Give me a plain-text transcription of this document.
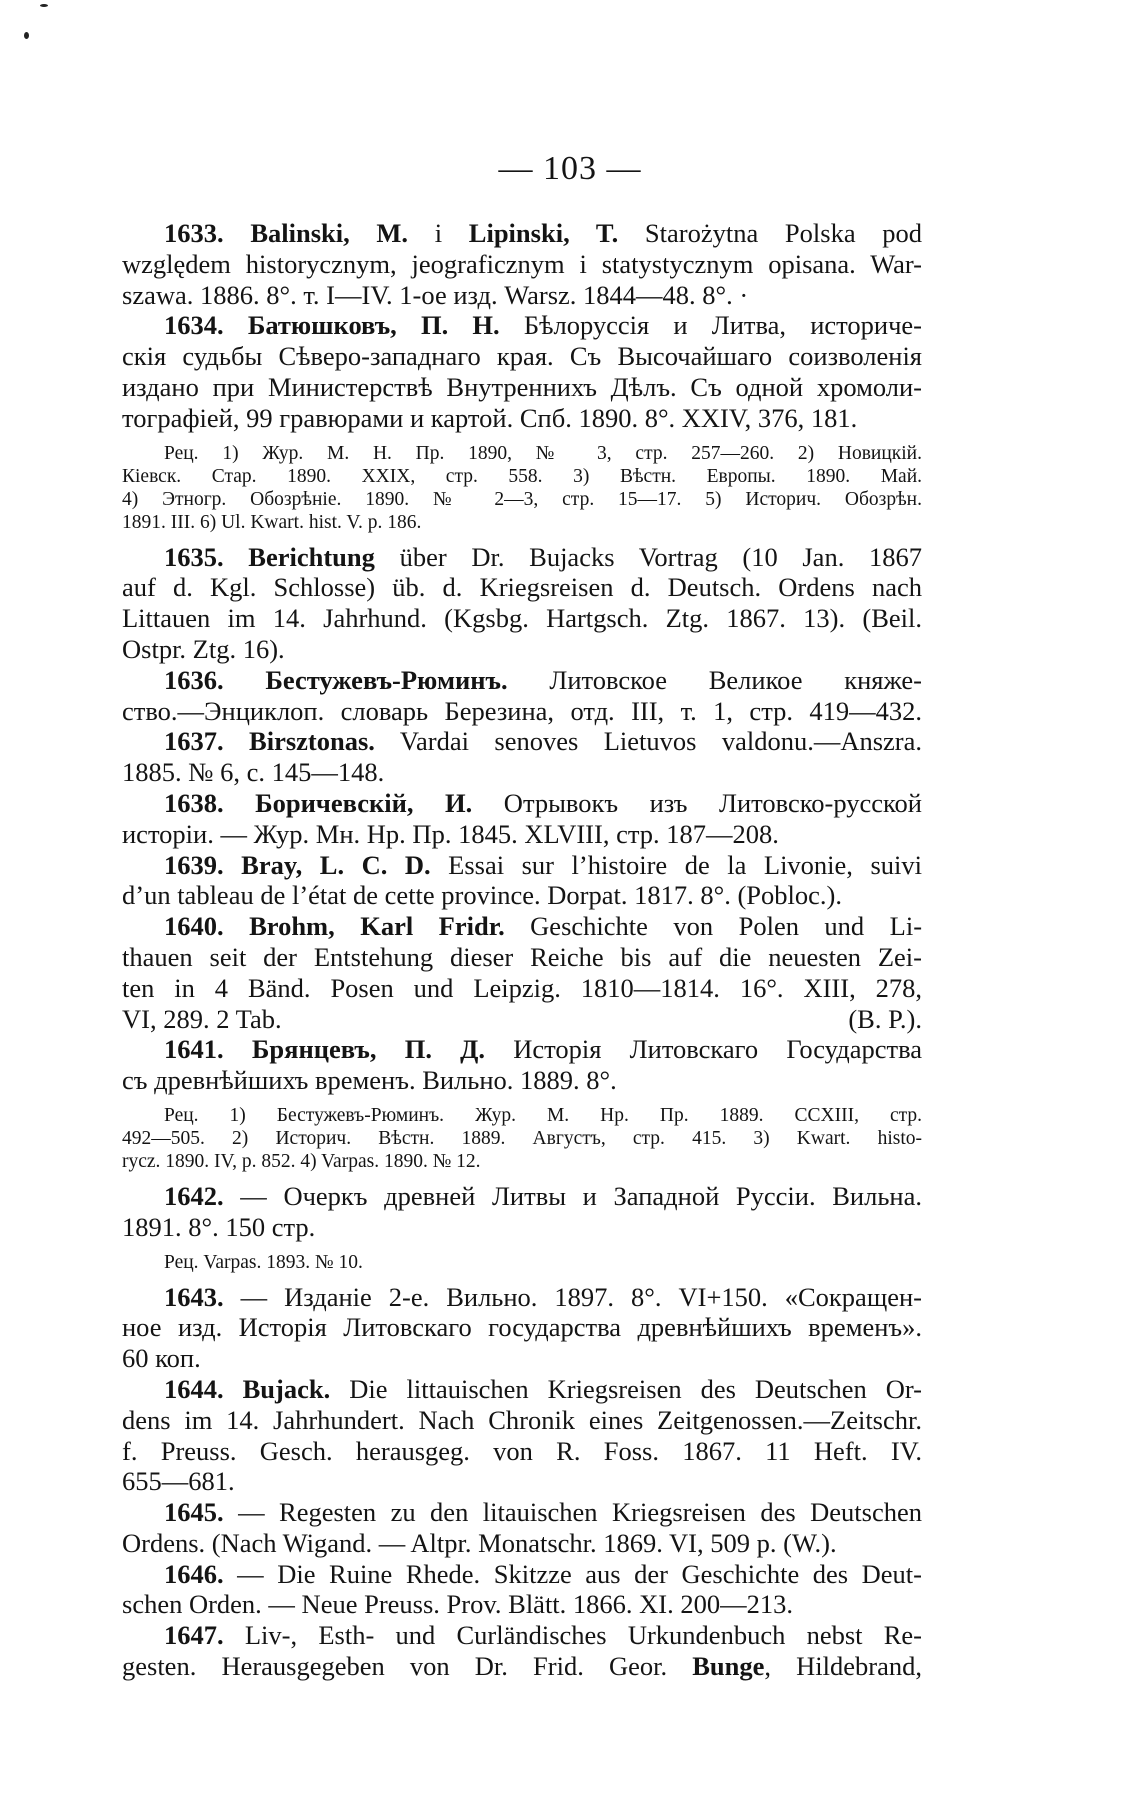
— 103 —
1633. Balinski, M. i Lipinski, T. Starożytna Polska pod
względem historycznym, jeograficznym i statystycznym opisana. War-
szawa. 1886. 8°. т. I—IV. 1-ое изд. Warsz. 1844—48. 8°. ·
1634. Батюшковъ, П. Н. Бѣлоруссія и Литва, историче-
скія судьбы Сѣверо-западнаго края. Съ Высочайшаго соизволенія
издано при Министерствѣ Внутреннихъ Дѣлъ. Съ одной хромоли-
тографіей, 99 гравюрами и картой. Спб. 1890. 8°. XXIV, 376, 181.
Рец. 1) Жур. М. Н. Пр. 1890, № 3, стр. 257—260. 2) Новицкій.
Кіевск. Стар. 1890. XXIX, стр. 558. 3) Вѣстн. Европы. 1890. Май.
4) Этногр. Обозрѣніе. 1890. № 2—3, стр. 15—17. 5) Историч. Обозрѣн.
1891. III. 6) Ul. Kwart. hist. V. p. 186.
1635. Berichtung über Dr. Bujacks Vortrag (10 Jan. 1867
auf d. Kgl. Schlosse) üb. d. Kriegsreisen d. Deutsch. Ordens nach
Littauen im 14. Jahrhund. (Kgsbg. Hartgsch. Ztg. 1867. 13). (Beil.
Ostpr. Ztg. 16).
1636. Бестужевъ-Рюминъ. Литовское Великое княже-
ство.—Энциклоп. словарь Березина, отд. III, т. 1, стр. 419—432.
1637. Birsztonas. Vardai senoves Lietuvos valdonu.—Anszra.
1885. № 6, c. 145—148.
1638. Бoричевскій, И. Отрывокъ изъ Литовско-русской
исторіи. — Жур. Мн. Нр. Пр. 1845. XLVIII, стр. 187—208.
1639. Bray, L. C. D. Essai sur l’histoire de la Livonie, suivi
d’un tableau de l’état de cette province. Dorpat. 1817. 8°. (Pobloc.).
1640. Brohm, Karl Fridr. Geschichte von Polen und Li-
thauen seit der Entstehung dieser Reiche bis auf die neuesten Zei-
ten in 4 Bänd. Posen und Leipzig. 1810—1814. 16°. XIII, 278,
VI, 289. 2 Tab.	(B. P.).
1641. Брянцевъ, П. Д. Исторія Литовскаго Государства
съ древнѣйшихъ временъ. Вильно. 1889. 8°.
Рец. 1) Бестужевъ-Рюминъ. Жур. М. Нр. Пр. 1889. CCXIII, стр.
492—505. 2) Историч. Вѣстн. 1889. Августъ, стр. 415. 3) Kwart. histo-
rycz. 1890. IV, p. 852. 4) Varpas. 1890. № 12.
1642. — Очеркъ древней Литвы и Западной Руссіи. Вильна.
1891. 8°. 150 стр.
Рец. Varpas. 1893. № 10.
1643. — Изданіе 2-е. Вильно. 1897. 8°. VI+150. «Сокращен-
ное изд. Исторія Литовскаго государства древнѣйшихъ временъ».
60 коп.
1644. Bujack. Die littauischen Kriegsreisen des Deutschen Or-
dens im 14. Jahrhundert. Nach Chronik eines Zeitgenossen.—Zeitschr.
f. Preuss. Gesch. herausgeg. von R. Foss. 1867. 11 Heft. IV.
655—681.
1645. — Regesten zu den litauischen Kriegsreisen des Deutschen
Ordens. (Nach Wigand. — Altpr. Monatschr. 1869. VI, 509 p. (W.).
1646. — Die Ruine Rhede. Skitzze aus der Geschichte des Deut-
schen Orden. — Neue Preuss. Prov. Blätt. 1866. XI. 200—213.
1647. Liv-, Esth- und Curländisches Urkundenbuch nebst Re-
gesten. Herausgegeben von Dr. Frid. Geor. Bunge, Hildebrand,
